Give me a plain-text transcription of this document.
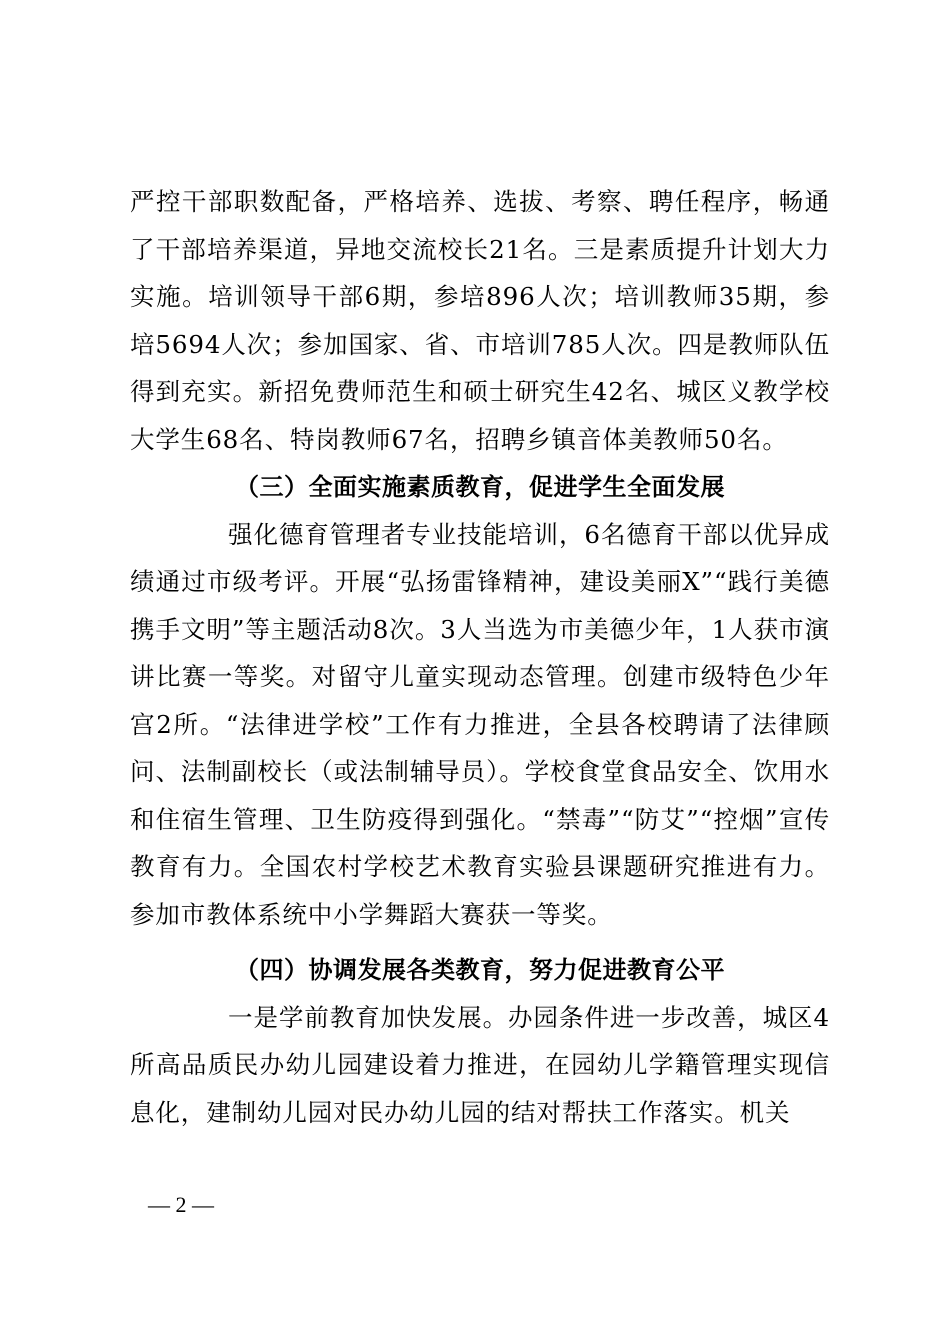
严控干部职数配备，严格培养、选拔、考察、聘任程序，畅通了干部培养渠道，异地交流校长21名。三是素质提升计划大力实施。培训领导干部6期，参培896人次；培训教师35期，参培5694人次；参加国家、省、市培训785人次。四是教师队伍得到充实。新招免费师范生和硕士研究生42名、城区义教学校大学生68名、特岗教师67名，招聘乡镇音体美教师50名。

（三）全面实施素质教育，促进学生全面发展

强化德育管理者专业技能培训，6名德育干部以优异成绩通过市级考评。开展“弘扬雷锋精神，建设美丽X”“践行美德携手文明”等主题活动8次。3人当选为市美德少年，1人获市演讲比赛一等奖。对留守儿童实现动态管理。创建市级特色少年宫2所。“法律进学校”工作有力推进，全县各校聘请了法律顾问、法制副校长（或法制辅导员）。学校食堂食品安全、饮用水和住宿生管理、卫生防疫得到强化。“禁毒”“防艾”“控烟”宣传教育有力。全国农村学校艺术教育实验县课题研究推进有力。参加市教体系统中小学舞蹈大赛获一等奖。

（四）协调发展各类教育，努力促进教育公平

一是学前教育加快发展。办园条件进一步改善，城区4所高品质民办幼儿园建设着力推进，在园幼儿学籍管理实现信息化，建制幼儿园对民办幼儿园的结对帮扶工作落实。机关

— 2 —
